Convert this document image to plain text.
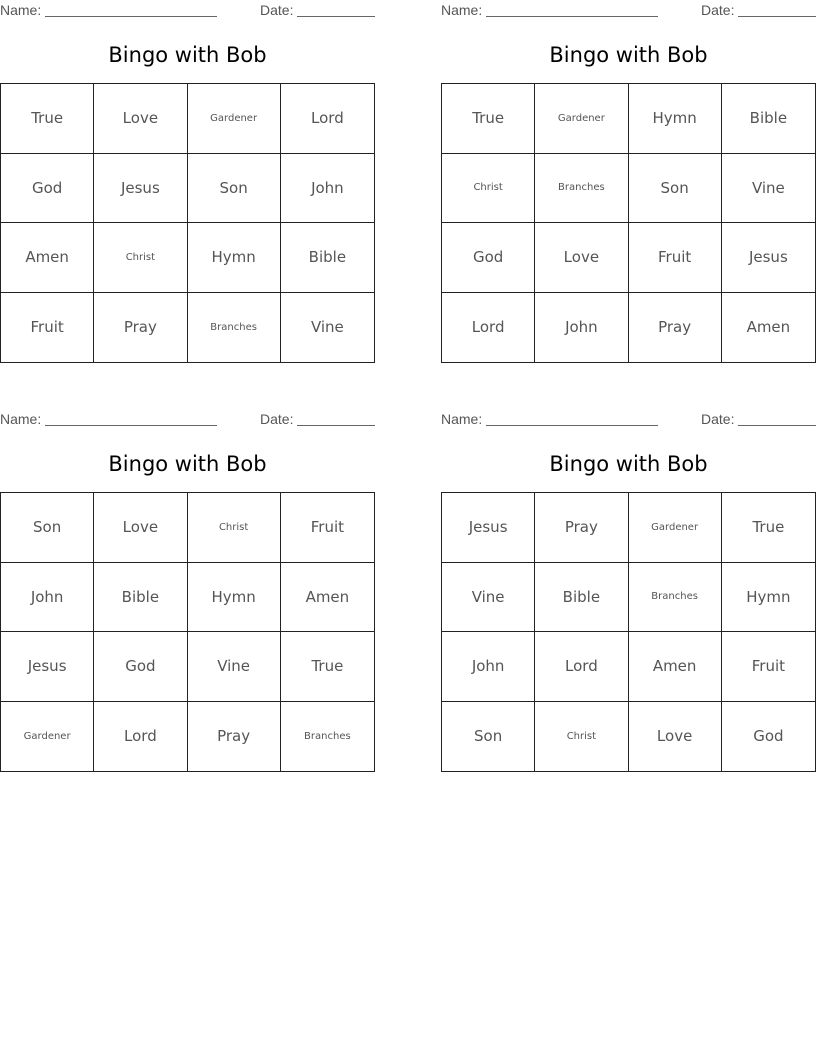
Name:	Date:
Bingo with Bob
True	Love	Gardener	Lord
God	Jesus	Son	John
Amen	Christ	Hymn	Bible
Fruit	Pray	Branches	Vine
Name:	Date:
Bingo with Bob
True	Gardener	Hymn	Bible
Christ	Branches	Son	Vine
God	Love	Fruit	Jesus
Lord	John	Pray	Amen
Name:	Date:
Bingo with Bob
Son	Love	Christ	Fruit
John	Bible	Hymn	Amen
Jesus	God	Vine	True
Gardener	Lord	Pray	Branches
Name:	Date:
Bingo with Bob
Jesus	Pray	Gardener	True
Vine	Bible	Branches	Hymn
John	Lord	Amen	Fruit
Son	Christ	Love	God
